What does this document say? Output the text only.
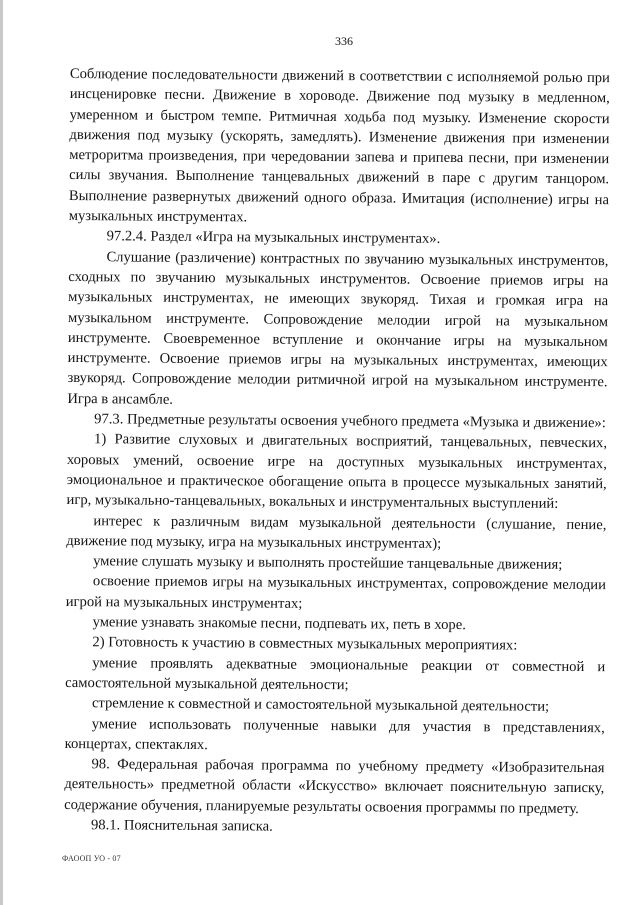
336

Соблюдение последовательности движений в соответствии с исполняемой ролью при инсценировке песни. Движение в хороводе. Движение под музыку в медленном, умеренном и быстром темпе. Ритмичная ходьба под музыку. Изменение скорости движения под музыку (ускорять, замедлять). Изменение движения при изменении метроритма произведения, при чередовании запева и припева песни, при изменении силы звучания. Выполнение танцевальных движений в паре с другим танцором. Выполнение развернутых движений одного образа. Имитация (исполнение) игры на музыкальных инструментах.

97.2.4. Раздел «Игра на музыкальных инструментах».

Слушание (различение) контрастных по звучанию музыкальных инструментов, сходных по звучанию музыкальных инструментов. Освоение приемов игры на музыкальных инструментах, не имеющих звукоряд. Тихая и громкая игра на музыкальном инструменте. Сопровождение мелодии игрой на музыкальном инструменте. Своевременное вступление и окончание игры на музыкальном инструменте. Освоение приемов игры на музыкальных инструментах, имеющих звукоряд. Сопровождение мелодии ритмичной игрой на музыкальном инструменте. Игра в ансамбле.

97.3. Предметные результаты освоения учебного предмета «Музыка и движение»:

1) Развитие слуховых и двигательных восприятий, танцевальных, певческих, хоровых умений, освоение игре на доступных музыкальных инструментах, эмоциональное и практическое обогащение опыта в процессе музыкальных занятий, игр, музыкально-танцевальных, вокальных и инструментальных выступлений:

интерес к различным видам музыкальной деятельности (слушание, пение, движение под музыку, игра на музыкальных инструментах);

умение слушать музыку и выполнять простейшие танцевальные движения;

освоение приемов игры на музыкальных инструментах, сопровождение мелодии игрой на музыкальных инструментах;

умение узнавать знакомые песни, подпевать их, петь в хоре.

2) Готовность к участию в совместных музыкальных мероприятиях:

умение проявлять адекватные эмоциональные реакции от совместной и самостоятельной музыкальной деятельности;

стремление к совместной и самостоятельной музыкальной деятельности;

умение использовать полученные навыки для участия в представлениях, концертах, спектаклях.

98. Федеральная рабочая программа по учебному предмету «Изобразительная деятельность» предметной области «Искусство» включает пояснительную записку, содержание обучения, планируемые результаты освоения программы по предмету.

98.1. Пояснительная записка.

ФАООП УО - 07
